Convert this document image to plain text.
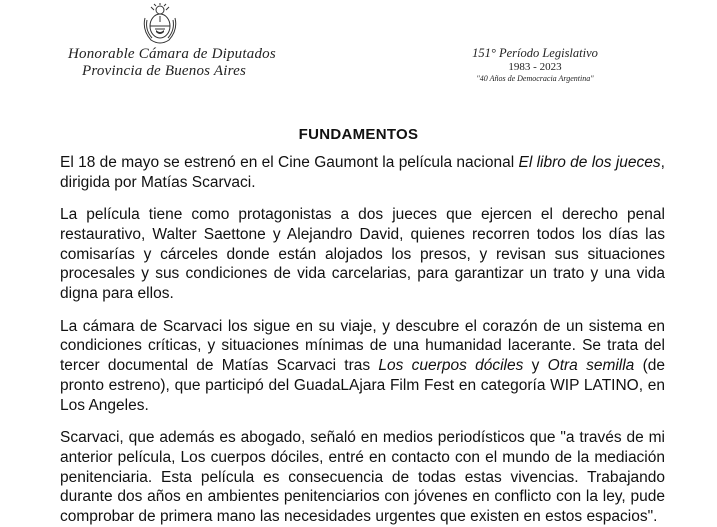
Honorable Cámara de Diputados
Provincia de Buenos Aires
151° Período Legislativo
1983 - 2023
"40 Años de Democracia Argentina"
FUNDAMENTOS

El 18 de mayo se estrenó en el Cine Gaumont la película nacional El libro de los jueces, dirigida por Matías Scarvaci.

La película tiene como protagonistas a dos jueces que ejercen el derecho penal restaurativo, Walter Saettone y Alejandro David, quienes recorren todos los días las comisarías y cárceles donde están alojados los presos, y revisan sus situaciones procesales y sus condiciones de vida carcelarias, para garantizar un trato y una vida digna para ellos.

La cámara de Scarvaci los sigue en su viaje, y descubre el corazón de un sistema en condiciones críticas, y situaciones mínimas de una humanidad lacerante. Se trata del tercer documental de Matías Scarvaci tras Los cuerpos dóciles y Otra semilla (de pronto estreno), que participó del GuadaLAjara Film Fest en categoría WIP LATINO, en Los Angeles.

Scarvaci, que además es abogado, señaló en medios periodísticos que "a través de mi anterior película, Los cuerpos dóciles, entré en contacto con el mundo de la mediación penitenciaria. Esta película es consecuencia de todas estas vivencias. Trabajando durante dos años en ambientes penitenciarios con jóvenes en conflicto con la ley, pude comprobar de primera mano las necesidades urgentes que existen en estos espacios".
